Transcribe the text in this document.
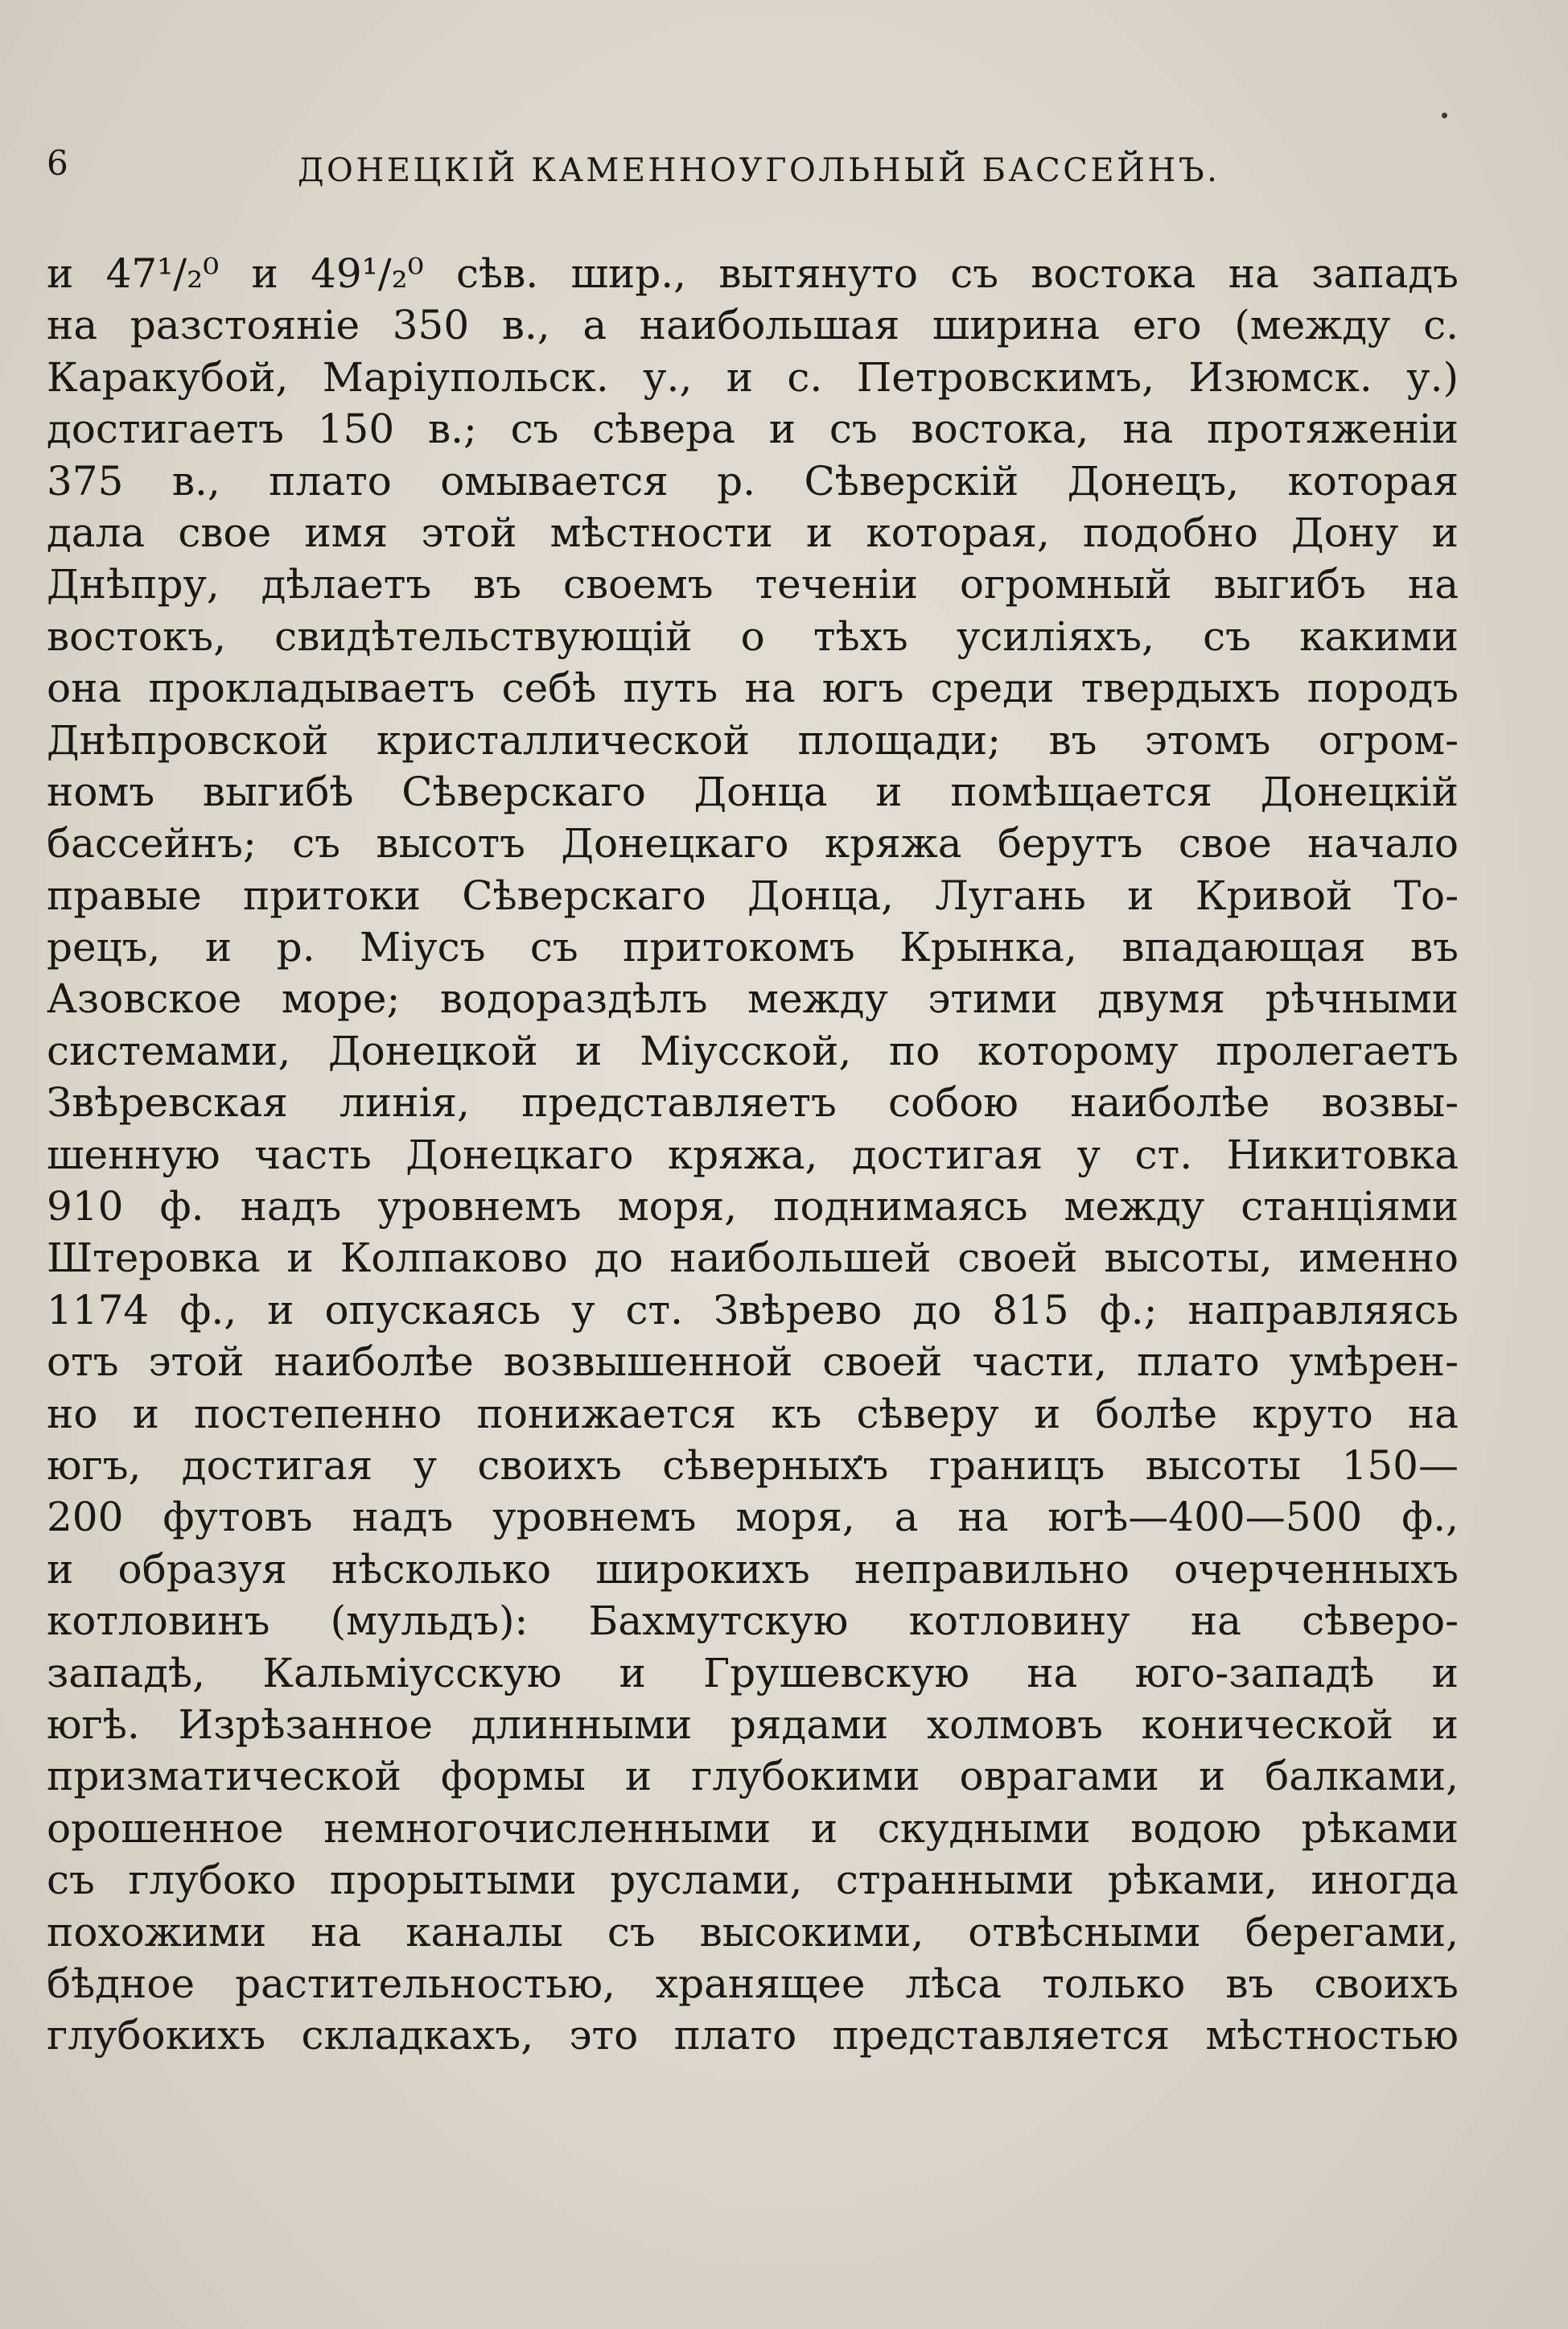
6	ДОНЕЦКІЙ КАМЕННОУГОЛЬНЫЙ БАССЕЙНЪ.
и 47¹/₂⁰ и 49¹/₂⁰ сѣв. шир., вытянуто съ востока на западъ
на разстояніе 350 в., а наибольшая ширина его (между с.
Каракубой, Маріупольск. у., и с. Петровскимъ, Изюмск. у.)
достигаетъ 150 в.; съ сѣвера и съ востока, на протяженіи
375 в., плато омывается р. Сѣверскій Донецъ, которая
дала свое имя этой мѣстности и которая, подобно Дону и
Днѣпру, дѣлаетъ въ своемъ теченіи огромный выгибъ на
востокъ, свидѣтельствующій о тѣхъ усиліяхъ, съ какими
она прокладываетъ себѣ путь на югъ среди твердыхъ породъ
Днѣпровской кристаллической площади; въ этомъ огром-
номъ выгибѣ Сѣверскаго Донца и помѣщается Донецкій
бассейнъ; съ высотъ Донецкаго кряжа берутъ свое начало
правые притоки Сѣверскаго Донца, Лугань и Кривой То-
рецъ, и р. Міусъ съ притокомъ Крынка, впадающая въ
Азовское море; водораздѣлъ между этими двумя рѣчными
системами, Донецкой и Міусской, по которому пролегаетъ
Звѣревская линія, представляетъ собою наиболѣе возвы-
шенную часть Донецкаго кряжа, достигая у ст. Никитовка
910 ф. надъ уровнемъ моря, поднимаясь между станціями
Штеровка и Колпаково до наибольшей своей высоты, именно
1174 ф., и опускаясь у ст. Звѣрево до 815 ф.; направляясь
отъ этой наиболѣе возвышенной своей части, плато умѣрен-
но и постепенно понижается къ сѣверу и болѣе круто на
югъ, достигая у своихъ сѣверныхъ границъ высоты 150—
200 футовъ надъ уровнемъ моря, а на югѣ—400—500 ф.,
и образуя нѣсколько широкихъ неправильно очерченныхъ
котловинъ (мульдъ): Бахмутскую котловину на сѣверо-
западѣ, Кальміусскую и Грушевскую на юго-западѣ и
югѣ. Изрѣзанное длинными рядами холмовъ конической и
призматической формы и глубокими оврагами и балками,
орошенное немногочисленными и скудными водою рѣками
съ глубоко прорытыми руслами, странными рѣками, иногда
похожими на каналы съ высокими, отвѣсными берегами,
бѣдное растительностью, хранящее лѣса только въ своихъ
глубокихъ складкахъ, это плато представляется мѣстностью
